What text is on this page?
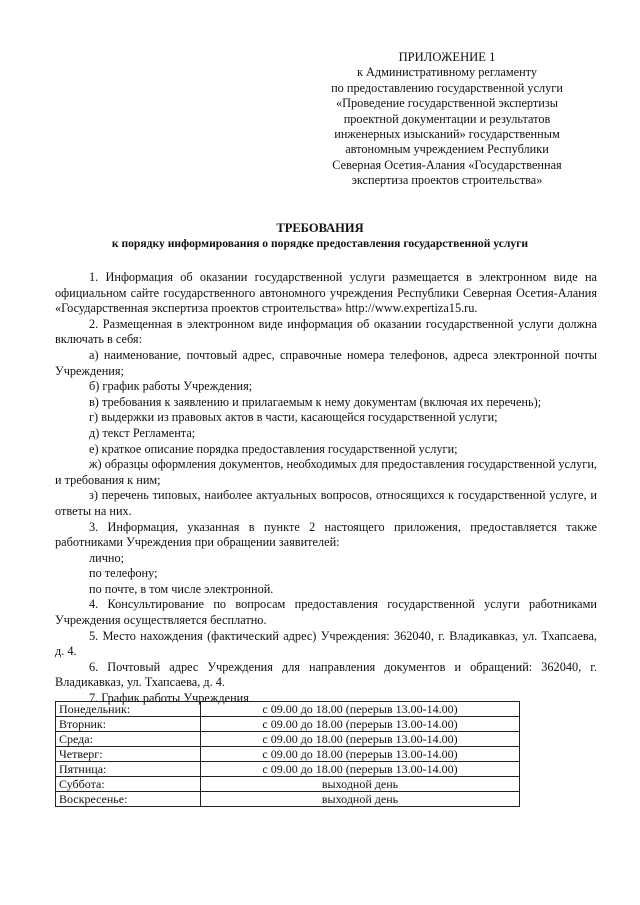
ПРИЛОЖЕНИЕ 1
к Административному регламенту
по предоставлению государственной услуги
«Проведение государственной экспертизы
проектной документации и результатов
инженерных изысканий» государственным
автономным учреждением Республики
Северная Осетия-Алания «Государственная
экспертиза проектов строительства»
ТРЕБОВАНИЯ
к порядку информирования о порядке предоставления государственной услуги

1. Информация об оказании государственной услуги размещается в электронном виде на официальном сайте государственного автономного учреждения Республики Северная Осетия-Алания «Государственная экспертиза проектов строительства» http://www.expertiza15.ru.

2. Размещенная в электронном виде информация об оказании государственной услуги должна включать в себя:

а) наименование, почтовый адрес, справочные номера телефонов, адреса электронной почты Учреждения;

б) график работы Учреждения;

в) требования к заявлению и прилагаемым к нему документам (включая их перечень);

г) выдержки из правовых актов в части, касающейся государственной услуги;

д) текст Регламента;

е) краткое описание порядка предоставления государственной услуги;

ж) образцы оформления документов, необходимых для предоставления государственной услуги, и требования к ним;

з) перечень типовых, наиболее актуальных вопросов, относящихся к государственной услуге, и ответы на них.

3. Информация, указанная в пункте 2 настоящего приложения, предоставляется также работниками Учреждения при обращении заявителей:

лично;

по телефону;

по почте, в том числе электронной.

4. Консультирование по вопросам предоставления государственной услуги работниками Учреждения осуществляется бесплатно.

5. Место нахождения (фактический адрес) Учреждения: 362040, г. Владикавказ, ул. Тхапсаева, д. 4.

6. Почтовый адрес Учреждения для направления документов и обращений: 362040, г. Владикавказ, ул. Тхапсаева, д. 4.

7. График работы Учреждения

Понедельник:	с 09.00 до 18.00 (перерыв 13.00-14.00)
Вторник:	с 09.00 до 18.00 (перерыв 13.00-14.00)
Среда:	с 09.00 до 18.00 (перерыв 13.00-14.00)
Четверг:	с 09.00 до 18.00 (перерыв 13.00-14.00)
Пятница:	с 09.00 до 18.00 (перерыв 13.00-14.00)
Суббота:	выходной день
Воскресенье:	выходной день
